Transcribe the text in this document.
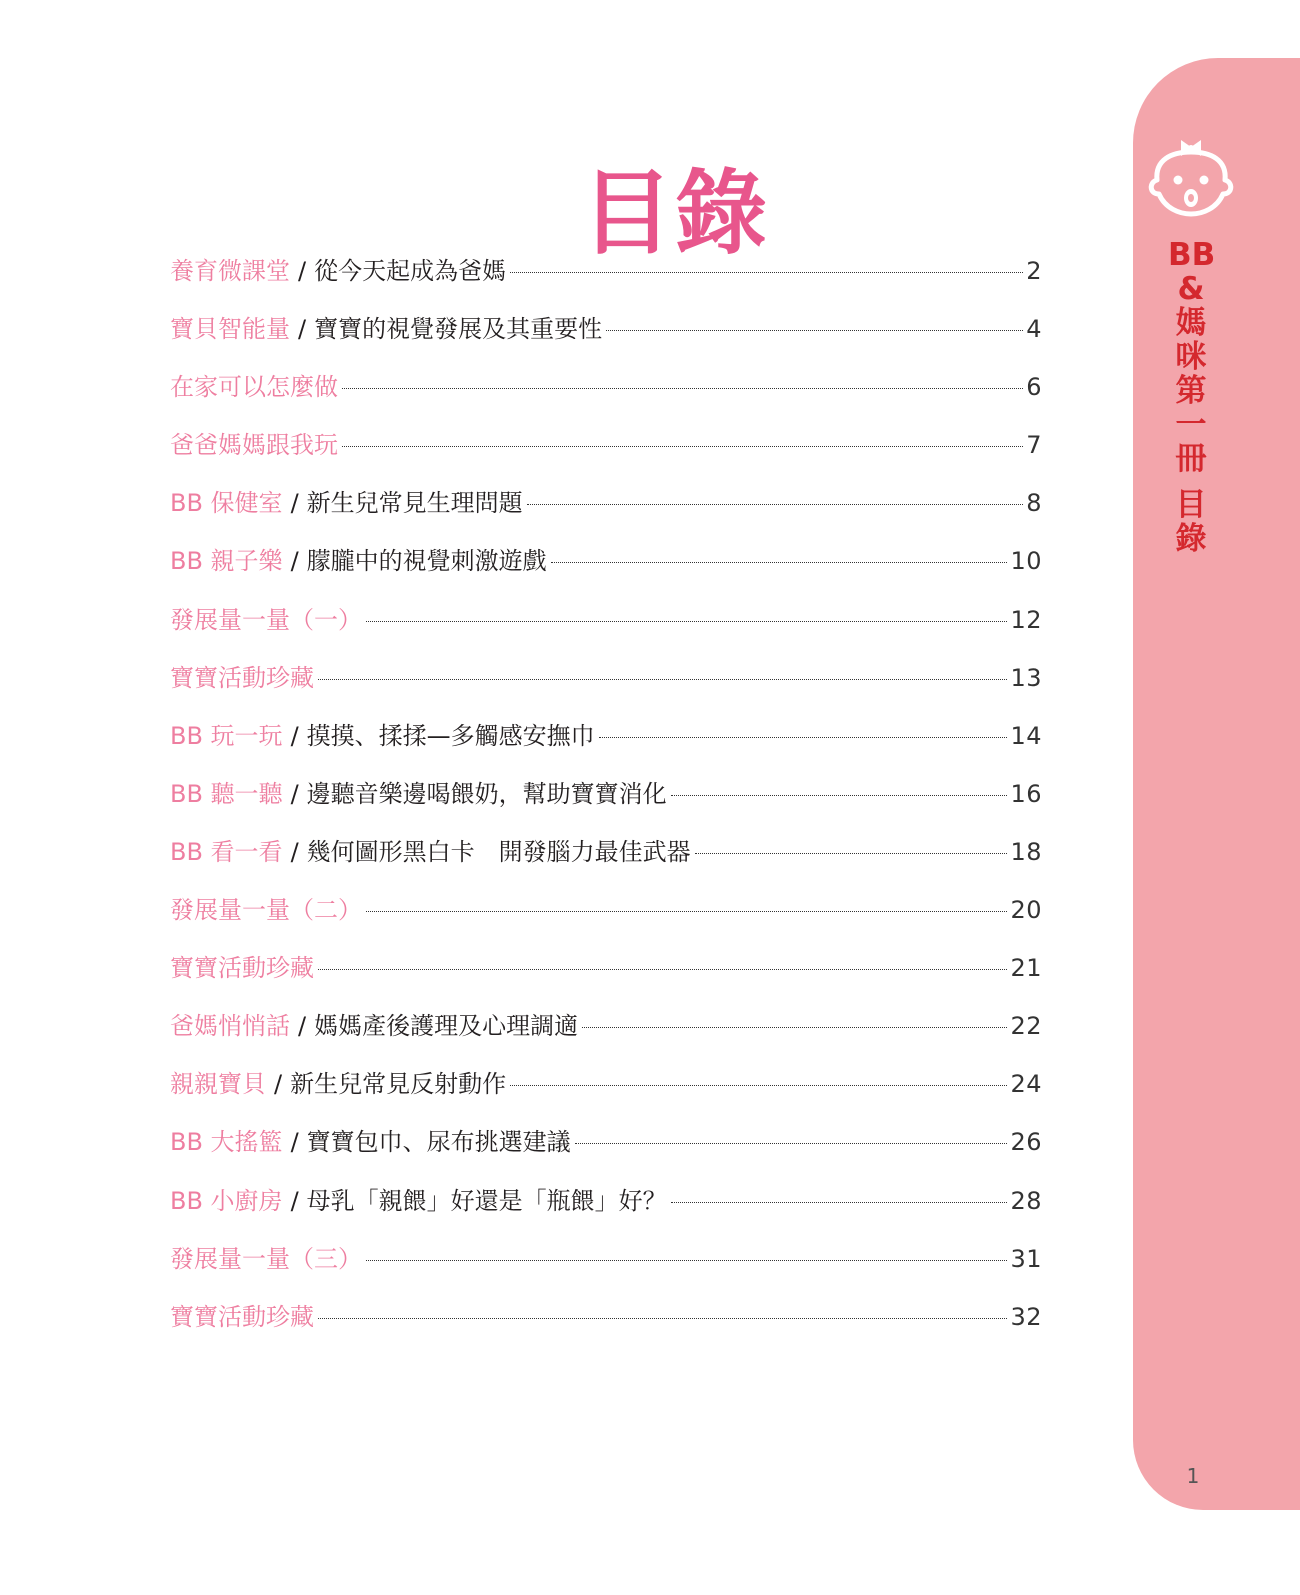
目錄
養育微課堂 / 從今天起成為爸媽	2
寶貝智能量 / 寶寶的視覺發展及其重要性	4
在家可以怎麼做	6
爸爸媽媽跟我玩	7
BB 保健室 / 新生兒常見生理問題	8
BB 親子樂 / 朦朧中的視覺刺激遊戲	10
發展量一量（一）	12
寶寶活動珍藏	13
BB 玩一玩 / 摸摸、揉揉—多觸感安撫巾	14
BB 聽一聽 / 邊聽音樂邊喝餵奶，幫助寶寶消化	16
BB 看一看 / 幾何圖形黑白卡　開發腦力最佳武器	18
發展量一量（二）	20
寶寶活動珍藏	21
爸媽悄悄話 / 媽媽產後護理及心理調適	22
親親寶貝 / 新生兒常見反射動作	24
BB 大搖籃 / 寶寶包巾、尿布挑選建議	26
BB 小廚房 / 母乳「親餵」好還是「瓶餵」好？	28
發展量一量（三）	31
寶寶活動珍藏	32
BB
&
媽
咪
第
一
冊
目
錄
1
